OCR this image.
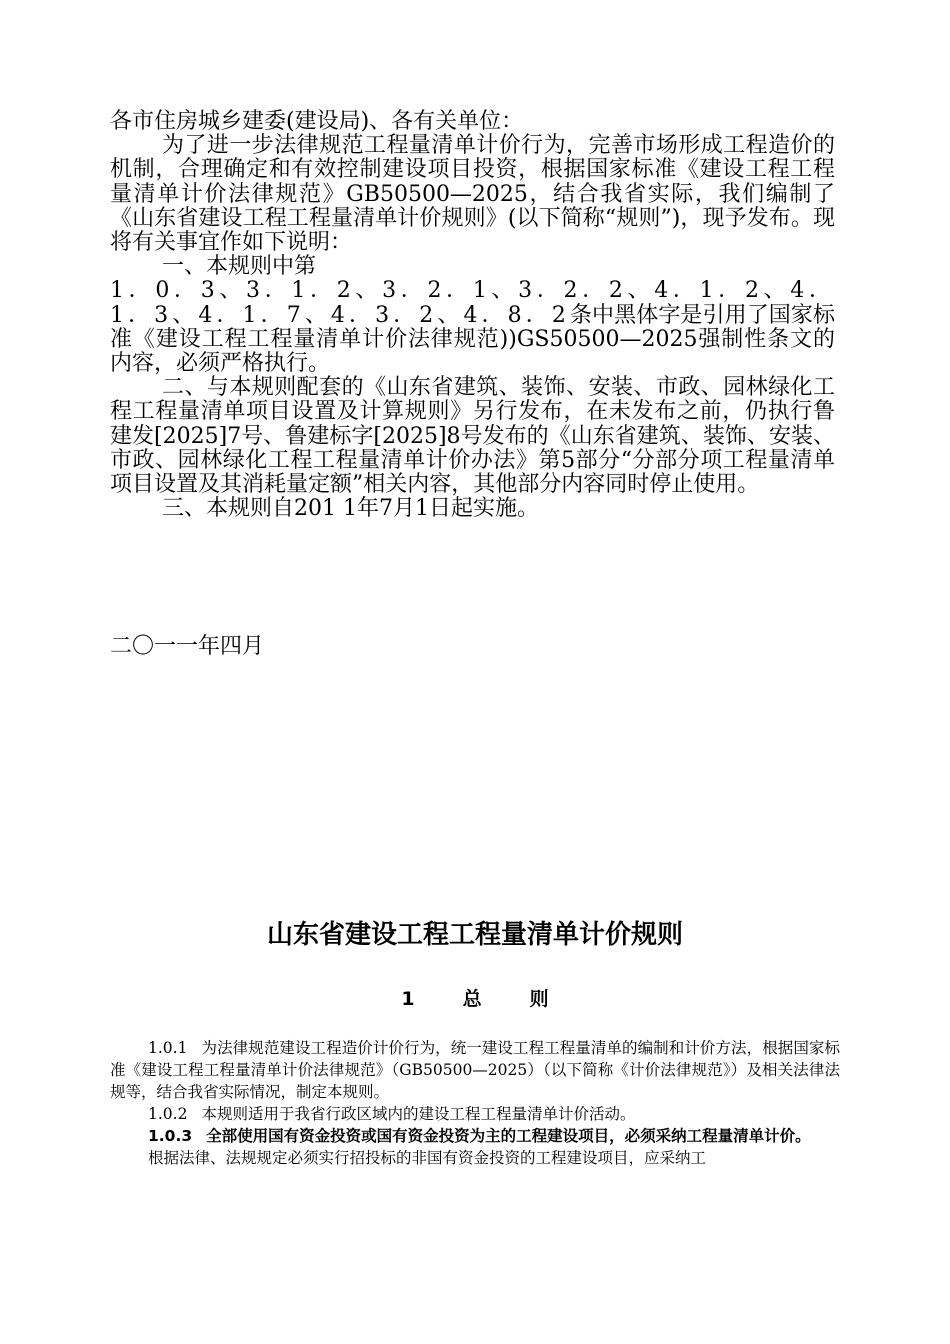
各市住房城乡建委(建设局)、各有关单位：

为了进一步法律规范工程量清单计价行为，完善市场形成工程造价的机制，合理确定和有效控制建设项目投资，根据国家标准《建设工程工程量清单计价法律规范》GB50500—2025，结合我省实际，我们编制了《山东省建设工程工程量清单计价规则》(以下简称“规则”)，现予发布。现将有关事宜作如下说明：

一、本规则中第

1．0．3、3．1．2、3．2．1、3．2．2、4．1．2、4．1．3、4．1．7、4．3．2、4．8．2条中黑体字是引用了国家标准《建设工程工程量清单计价法律规范))GS50500—2025强制性条文的内容，必须严格执行。

二、与本规则配套的《山东省建筑、装饰、安装、市政、园林绿化工程工程量清单项目设置及计算规则》另行发布，在未发布之前，仍执行鲁建发[2025]7号、鲁建标字[2025]8号发布的《山东省建筑、装饰、安装、市政、园林绿化工程工程量清单计价办法》第5部分“分部分项工程量清单项目设置及其消耗量定额”相关内容，其他部分内容同时停止使用。

三、本规则自201 1年7月1日起实施。

二〇一一年四月
山东省建设工程工程量清单计价规则
1	总	则

1.0.1 为法律规范建设工程造价计价行为，统一建设工程工程量清单的编制和计价方法，根据国家标准《建设工程工程量清单计价法律规范》（GB50500—2025）（以下简称《计价法律规范》）及相关法律法规等，结合我省实际情况，制定本规则。

1.0.2 本规则适用于我省行政区域内的建设工程工程量清单计价活动。

1.0.3 全部使用国有资金投资或国有资金投资为主的工程建设项目，必须采纳工程量清单计价。

根据法律、法规规定必须实行招投标的非国有资金投资的工程建设项目，应采纳工
